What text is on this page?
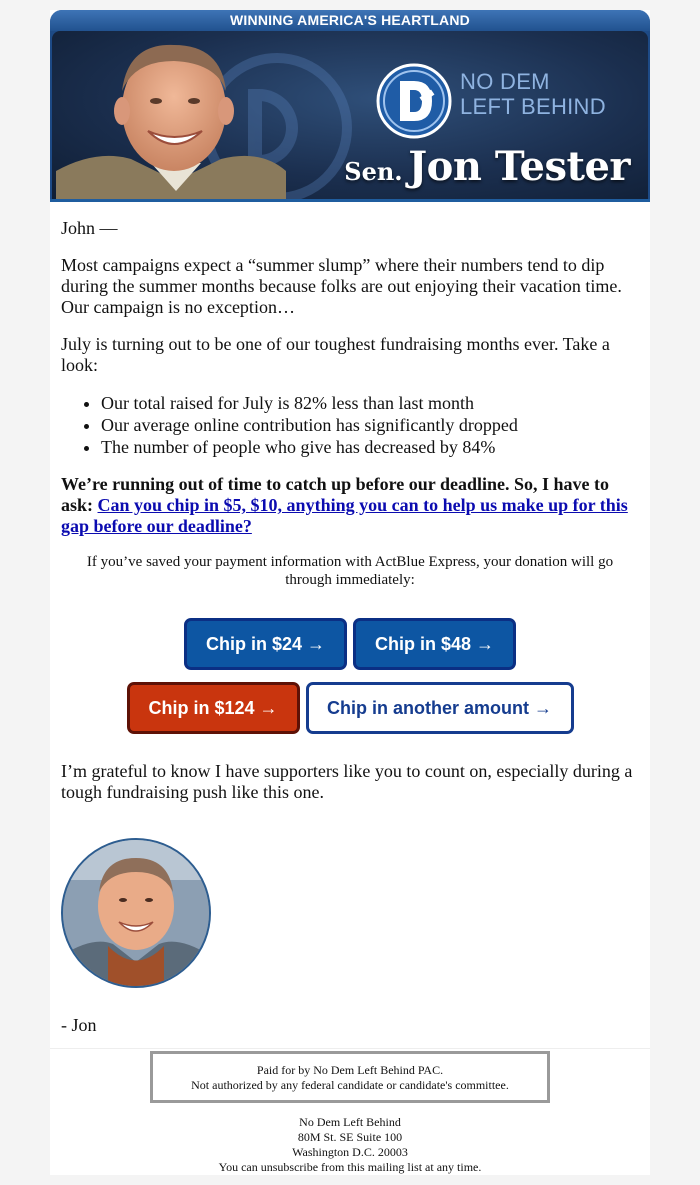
WINNING AMERICA'S HEARTLAND
NO DEM
LEFT BEHIND
Sen. Jon Tester

John —

Most campaigns expect a “summer slump” where their numbers tend to dip during the summer months because folks are out enjoying their vacation time. Our campaign is no exception…

July is turning out to be one of our toughest fundraising months ever. Take a look:

• Our total raised for July is 82% less than last month
• Our average online contribution has significantly dropped
• The number of people who give has decreased by 84%

We’re running out of time to catch up before our deadline. So, I have to ask: Can you chip in $5, $10, anything you can to help us make up for this gap before our deadline?

If you’ve saved your payment information with ActBlue Express, your donation will go through immediately:

Chip in $24 →	Chip in $48 →
Chip in $124 →	Chip in another amount →

I’m grateful to know I have supporters like you to count on, especially during a tough fundraising push like this one.

- Jon

Paid for by No Dem Left Behind PAC.
Not authorized by any federal candidate or candidate's committee.
No Dem Left Behind
80M St. SE Suite 100
Washington D.C. 20003
You can unsubscribe from this mailing list at any time.
